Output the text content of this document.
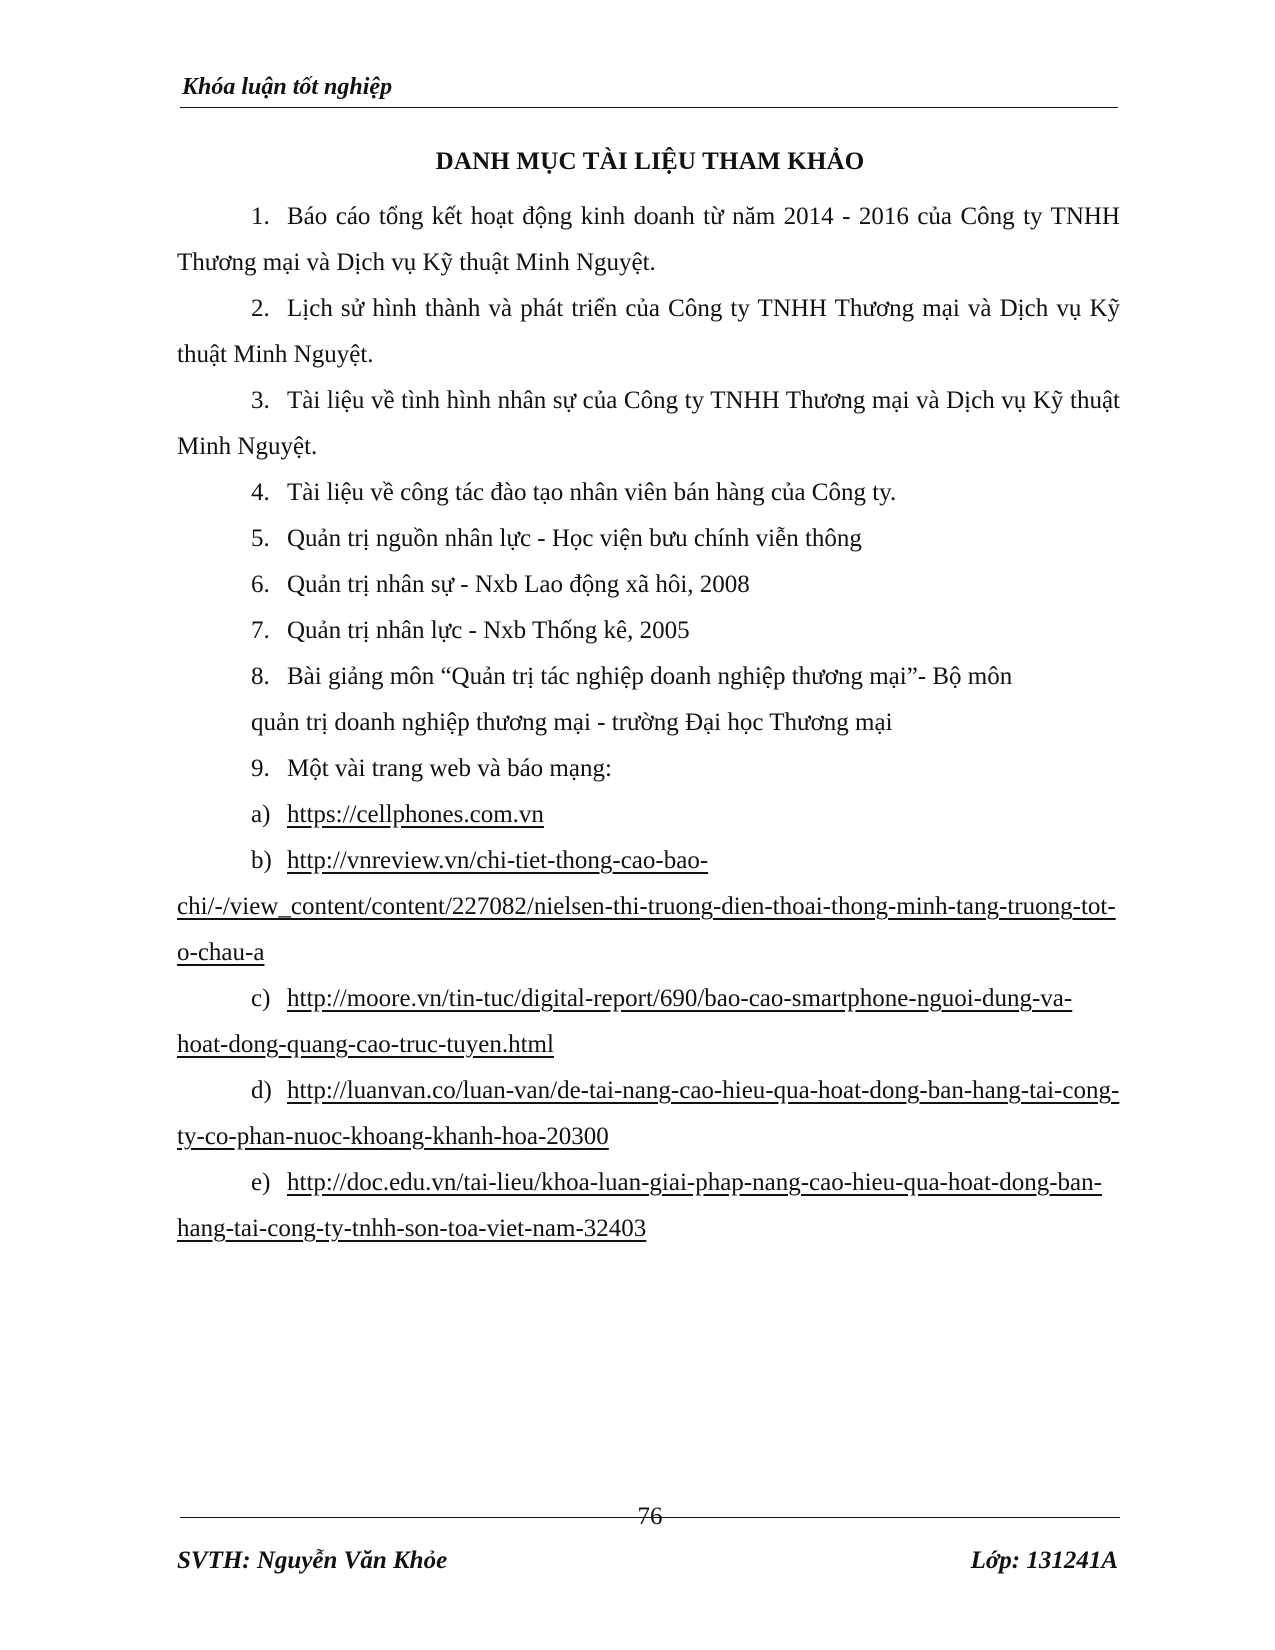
Khóa luận tốt nghiệp
DANH MỤC TÀI LIỆU THAM KHẢO

1. Báo cáo tổng kết hoạt động kinh doanh từ năm 2014 - 2016 của Công ty TNHH Thương mại và Dịch vụ Kỹ thuật Minh Nguyệt.

2. Lịch sử hình thành và phát triển của Công ty TNHH Thương mại và Dịch vụ Kỹ thuật Minh Nguyệt.

3. Tài liệu về tình hình nhân sự của Công ty TNHH Thương mại và Dịch vụ Kỹ thuật Minh Nguyệt.

4. Tài liệu về công tác đào tạo nhân viên bán hàng của Công ty.

5. Quản trị nguồn nhân lực - Học viện bưu chính viễn thông

6. Quản trị nhân sự - Nxb Lao động xã hôi, 2008

7. Quản trị nhân lực - Nxb Thống kê, 2005

8. Bài giảng môn “Quản trị tác nghiệp doanh nghiệp thương mại”- Bộ môn

quản trị doanh nghiệp thương mại - trường Đại học Thương mại

9. Một vài trang web và báo mạng:

a) https://cellphones.com.vn

b) http://vnreview.vn/chi-tiet-thong-cao-bao-chi/-/view_content/content/227082/nielsen-thi-truong-dien-thoai-thong-minh-tang-truong-tot-o-chau-a

c) http://moore.vn/tin-tuc/digital-report/690/bao-cao-smartphone-nguoi-dung-va-hoat-dong-quang-cao-truc-tuyen.html

d) http://luanvan.co/luan-van/de-tai-nang-cao-hieu-qua-hoat-dong-ban-hang-tai-cong-ty-co-phan-nuoc-khoang-khanh-hoa-20300

e) http://doc.edu.vn/tai-lieu/khoa-luan-giai-phap-nang-cao-hieu-qua-hoat-dong-ban-hang-tai-cong-ty-tnhh-son-toa-viet-nam-32403

76
SVTH: Nguyễn Văn Khỏe	Lớp: 131241A
